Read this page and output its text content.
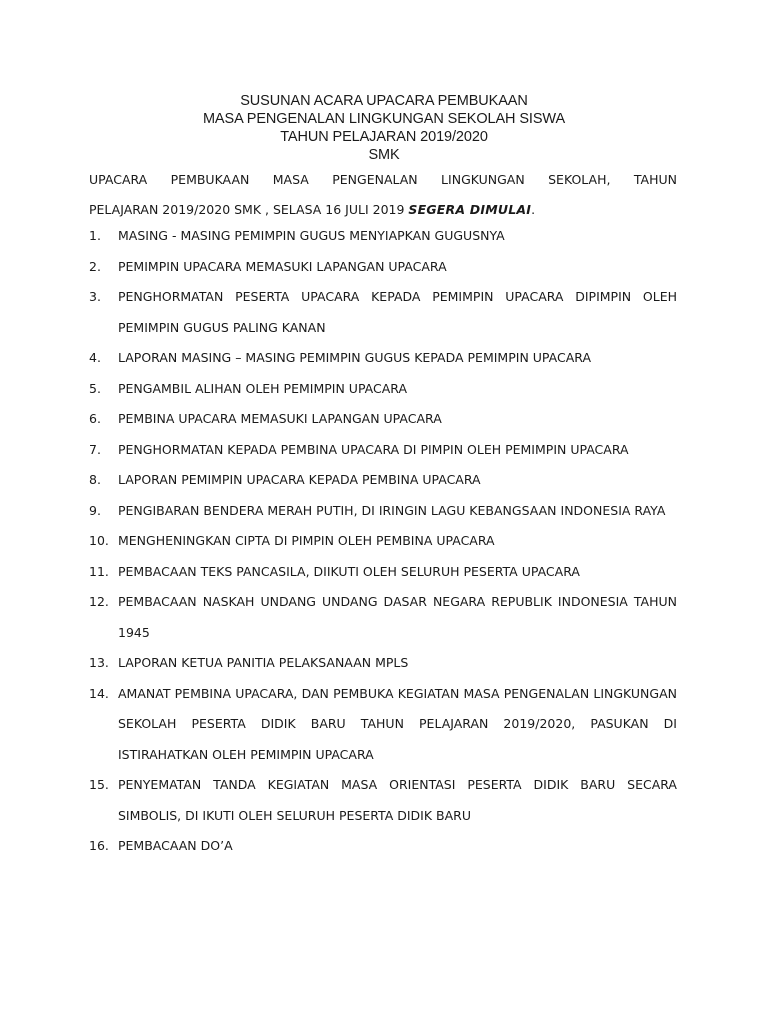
SUSUNAN ACARA UPACARA PEMBUKAAN
MASA PENGENALAN LINGKUNGAN SEKOLAH SISWA
TAHUN PELAJARAN 2019/2020
SMK
UPACARA PEMBUKAAN MASA PENGENALAN LINGKUNGAN SEKOLAH, TAHUN
PELAJARAN 2019/2020 SMK , SELASA 16 JULI 2019 SEGERA DIMULAI.
1.	MASING - MASING PEMIMPIN GUGUS MENYIAPKAN GUGUSNYA
2.	PEMIMPIN UPACARA MEMASUKI LAPANGAN UPACARA
3.	PENGHORMATAN PESERTA UPACARA KEPADA PEMIMPIN UPACARA DIPIMPIN OLEH PEMIMPIN GUGUS PALING KANAN
4.	LAPORAN MASING – MASING PEMIMPIN GUGUS KEPADA PEMIMPIN UPACARA
5.	PENGAMBIL ALIHAN OLEH PEMIMPIN UPACARA
6.	PEMBINA UPACARA MEMASUKI LAPANGAN UPACARA
7.	PENGHORMATAN KEPADA PEMBINA UPACARA DI PIMPIN OLEH PEMIMPIN UPACARA
8.	LAPORAN PEMIMPIN UPACARA KEPADA PEMBINA UPACARA
9.	PENGIBARAN BENDERA MERAH PUTIH, DI IRINGIN LAGU KEBANGSAAN INDONESIA RAYA
10. MENGHENINGKAN CIPTA DI PIMPIN OLEH PEMBINA UPACARA
11. PEMBACAAN TEKS PANCASILA, DIIKUTI OLEH SELURUH PESERTA UPACARA
12. PEMBACAAN NASKAH UNDANG UNDANG DASAR NEGARA REPUBLIK INDONESIA TAHUN 1945
13. LAPORAN KETUA PANITIA PELAKSANAAN MPLS
14. AMANAT PEMBINA UPACARA, DAN PEMBUKA KEGIATAN MASA PENGENALAN LINGKUNGAN SEKOLAH PESERTA DIDIK BARU TAHUN PELAJARAN 2019/2020, PASUKAN DI ISTIRAHATKAN OLEH PEMIMPIN UPACARA
15. PENYEMATAN TANDA KEGIATAN MASA ORIENTASI PESERTA DIDIK BARU SECARA SIMBOLIS, DI IKUTI OLEH SELURUH PESERTA DIDIK BARU
16. PEMBACAAN DO’A
